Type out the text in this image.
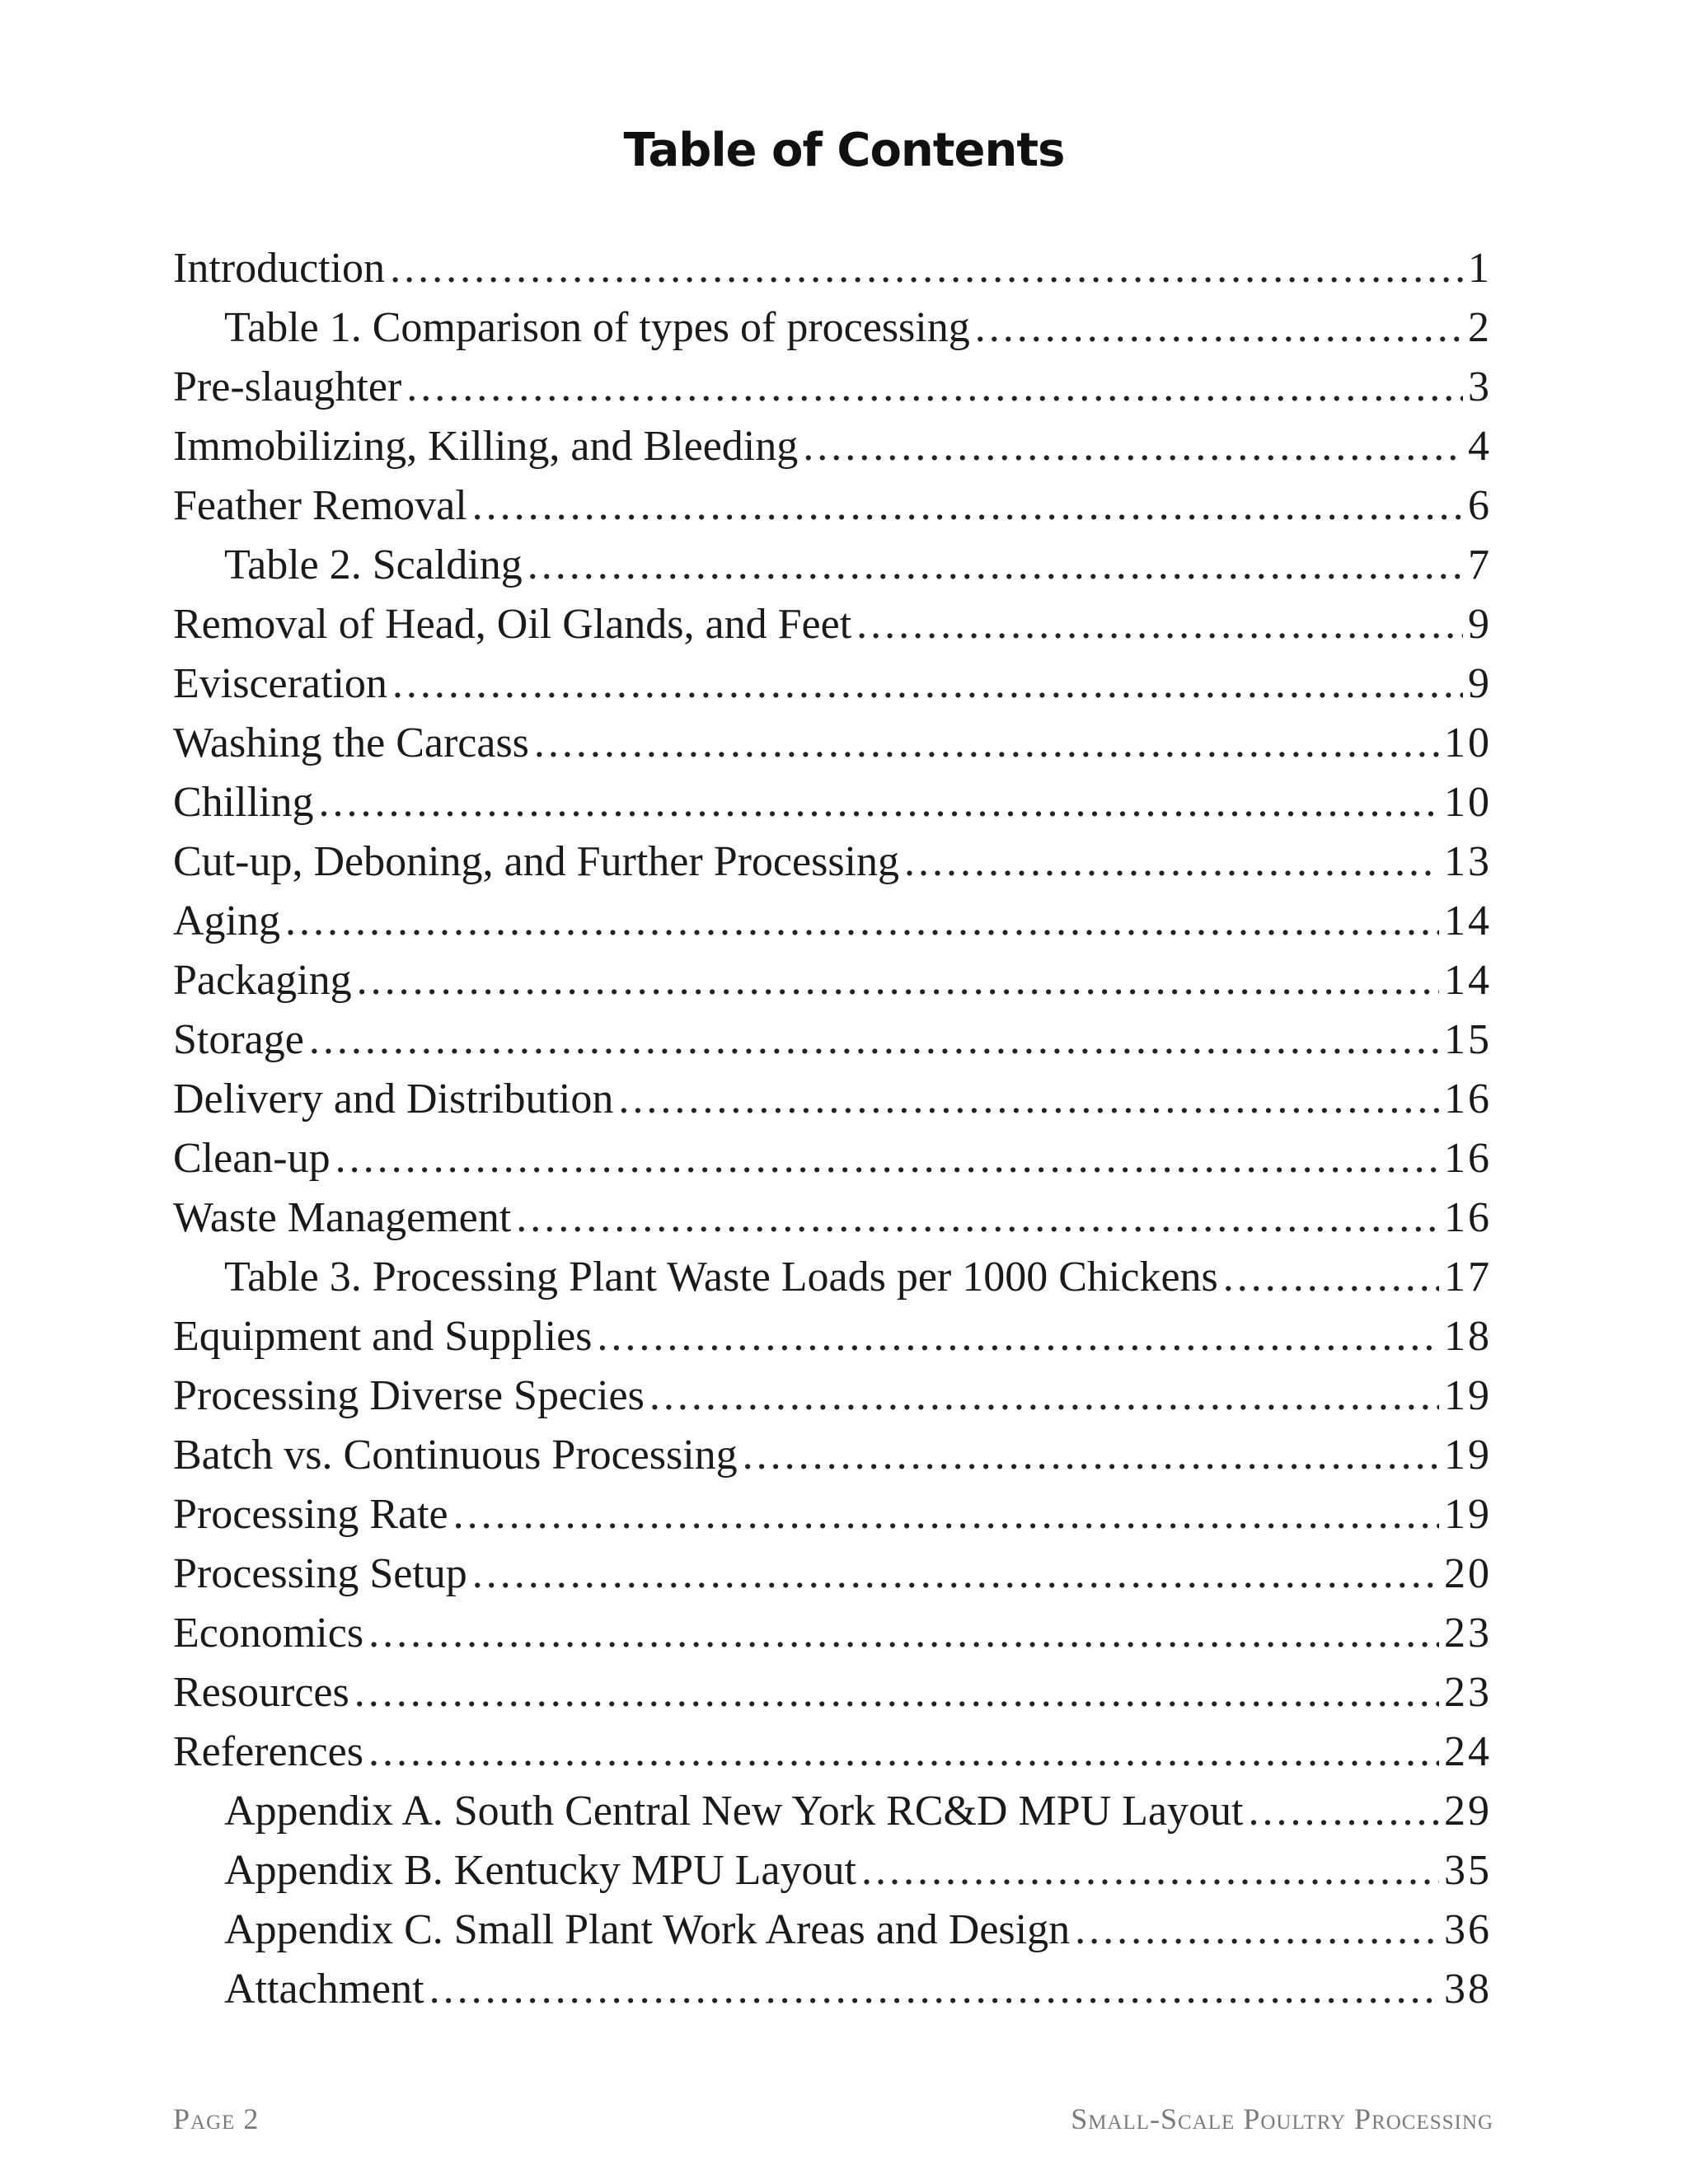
Table of Contents
Introduction .....	1
Table 1. Comparison of types of processing .....	2
Pre-slaughter .....	3
Immobilizing, Killing, and Bleeding .....	4
Feather Removal .....	6
Table 2. Scalding .....	7
Removal of Head, Oil Glands, and Feet .....	9
Evisceration .....	9
Washing the Carcass .....	10
Chilling .....	10
Cut-up, Deboning, and Further Processing .....	13
Aging .....	14
Packaging .....	14
Storage .....	15
Delivery and Distribution .....	16
Clean-up .....	16
Waste Management .....	16
Table 3. Processing Plant Waste Loads per 1000 Chickens .....	17
Equipment and Supplies .....	18
Processing Diverse Species .....	19
Batch vs. Continuous Processing .....	19
Processing Rate .....	19
Processing Setup .....	20
Economics .....	23
Resources .....	23
References .....	24
Appendix A. South Central New York RC&D MPU Layout .....	29
Appendix B. Kentucky MPU Layout .....	35
Appendix C. Small Plant Work Areas and Design .....	36
Attachment .....	38
Page 2	Small-Scale Poultry Processing
